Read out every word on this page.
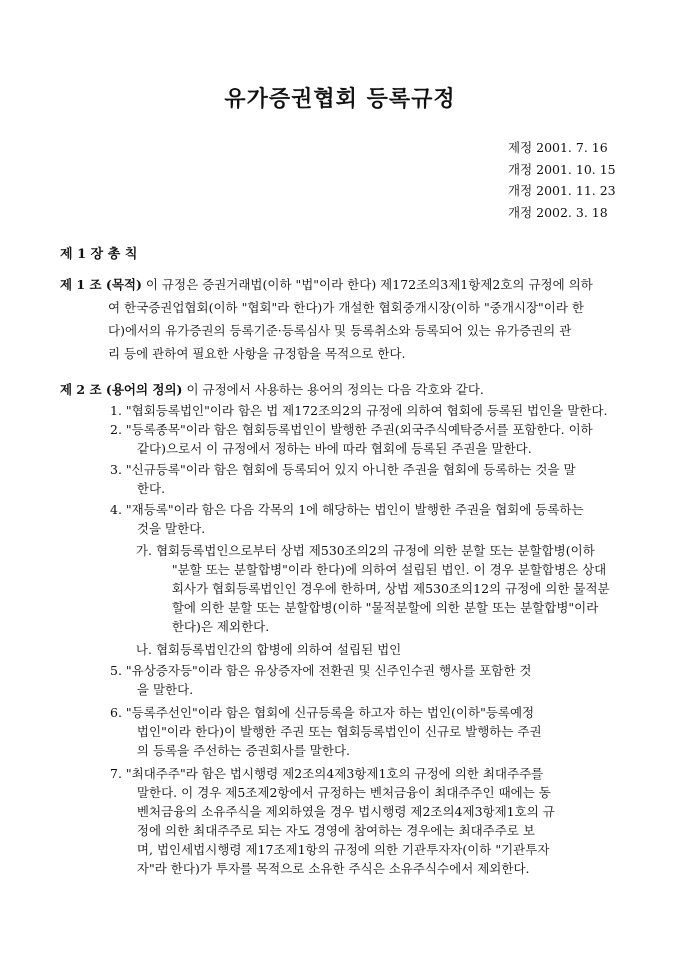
유가증권협회 등록규정
제정 2001. 7. 16
개정 2001. 10. 15
개정 2001. 11. 23
개정 2002. 3. 18
제 1 장 총 칙
제 1 조 (목적) 이 규정은 증권거래법(이하 "법"이라 한다) 제172조의3제1항제2호의 규정에 의하
여 한국증권업협회(이하 "협회"라 한다)가 개설한 협회중개시장(이하 "중개시장"이라 한
다)에서의 유가증권의 등록기준·등록심사 및 등록취소와 등록되어 있는 유가증권의 관
리 등에 관하여 필요한 사항을 규정함을 목적으로 한다.
제 2 조 (용어의 정의) 이 규정에서 사용하는 용어의 정의는 다음 각호와 같다.
1. "협회등록법인"이라 함은 법 제172조의2의 규정에 의하여 협회에 등록된 법인을 말한다.
2. "등록종목"이라 함은 협회등록법인이 발행한 주권(외국주식예탁증서를 포함한다. 이하
같다)으로서 이 규정에서 정하는 바에 따라 협회에 등록된 주권을 말한다.
3. "신규등록"이라 함은 협회에 등록되어 있지 아니한 주권을 협회에 등록하는 것을 말
한다.
4. "재등록"이라 함은 다음 각목의 1에 해당하는 법인이 발행한 주권을 협회에 등록하는
것을 말한다.
가. 협회등록법인으로부터 상법 제530조의2의 규정에 의한 분할 또는 분할합병(이하
"분할 또는 분할합병"이라 한다)에 의하여 설립된 법인. 이 경우 분할합병은 상대
회사가 협회등록법인인 경우에 한하며, 상법 제530조의12의 규정에 의한 물적분
할에 의한 분할 또는 분할합병(이하 "물적분할에 의한 분할 또는 분할합병"이라
한다)은 제외한다.
나. 협회등록법인간의 합병에 의하여 설립된 법인
5. "유상증자등"이라 함은 유상증자에 전환권 및 신주인수권 행사를 포함한 것
을 말한다.
6. "등록주선인"이라 함은 협회에 신규등록을 하고자 하는 법인(이하"등록예정
법인"이라 한다)이 발행한 주권 또는 협회등록법인이 신규로 발행하는 주권
의 등록을 주선하는 증권회사를 말한다.
7. "최대주주"라 함은 법시행령 제2조의4제3항제1호의 규정에 의한 최대주주를
말한다. 이 경우 제5조제2항에서 규정하는 벤처금융이 최대주주인 때에는 동
벤처금융의 소유주식을 제외하였을 경우 법시행령 제2조의4제3항제1호의 규
정에 의한 최대주주로 되는 자도 경영에 참여하는 경우에는 최대주주로 보
며, 법인세법시행령 제17조제1항의 규정에 의한 기관투자자(이하 "기관투자
자"라 한다)가 투자를 목적으로 소유한 주식은 소유주식수에서 제외한다.
